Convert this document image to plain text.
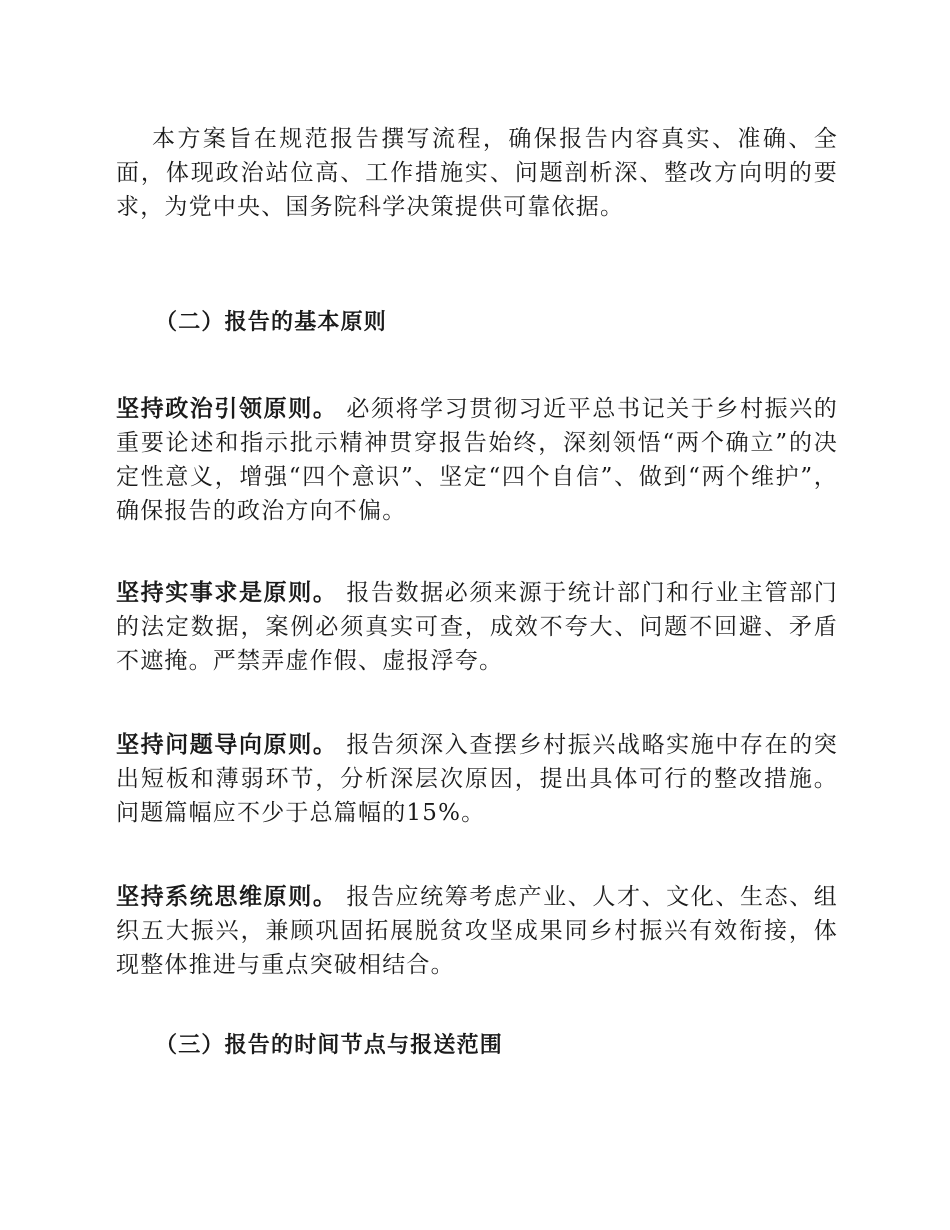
本方案旨在规范报告撰写流程，确保报告内容真实、准确、全面，体现政治站位高、工作措施实、问题剖析深、整改方向明的要求，为党中央、国务院科学决策提供可靠依据。

（二）报告的基本原则

坚持政治引领原则。 必须将学习贯彻习近平总书记关于乡村振兴的重要论述和指示批示精神贯穿报告始终，深刻领悟“两个确立”的决定性意义，增强“四个意识”、坚定“四个自信”、做到“两个维护”，确保报告的政治方向不偏。

坚持实事求是原则。 报告数据必须来源于统计部门和行业主管部门的法定数据，案例必须真实可查，成效不夸大、问题不回避、矛盾不遮掩。严禁弄虚作假、虚报浮夸。

坚持问题导向原则。 报告须深入查摆乡村振兴战略实施中存在的突出短板和薄弱环节，分析深层次原因，提出具体可行的整改措施。问题篇幅应不少于总篇幅的15%。

坚持系统思维原则。 报告应统筹考虑产业、人才、文化、生态、组织五大振兴，兼顾巩固拓展脱贫攻坚成果同乡村振兴有效衔接，体现整体推进与重点突破相结合。

（三）报告的时间节点与报送范围
